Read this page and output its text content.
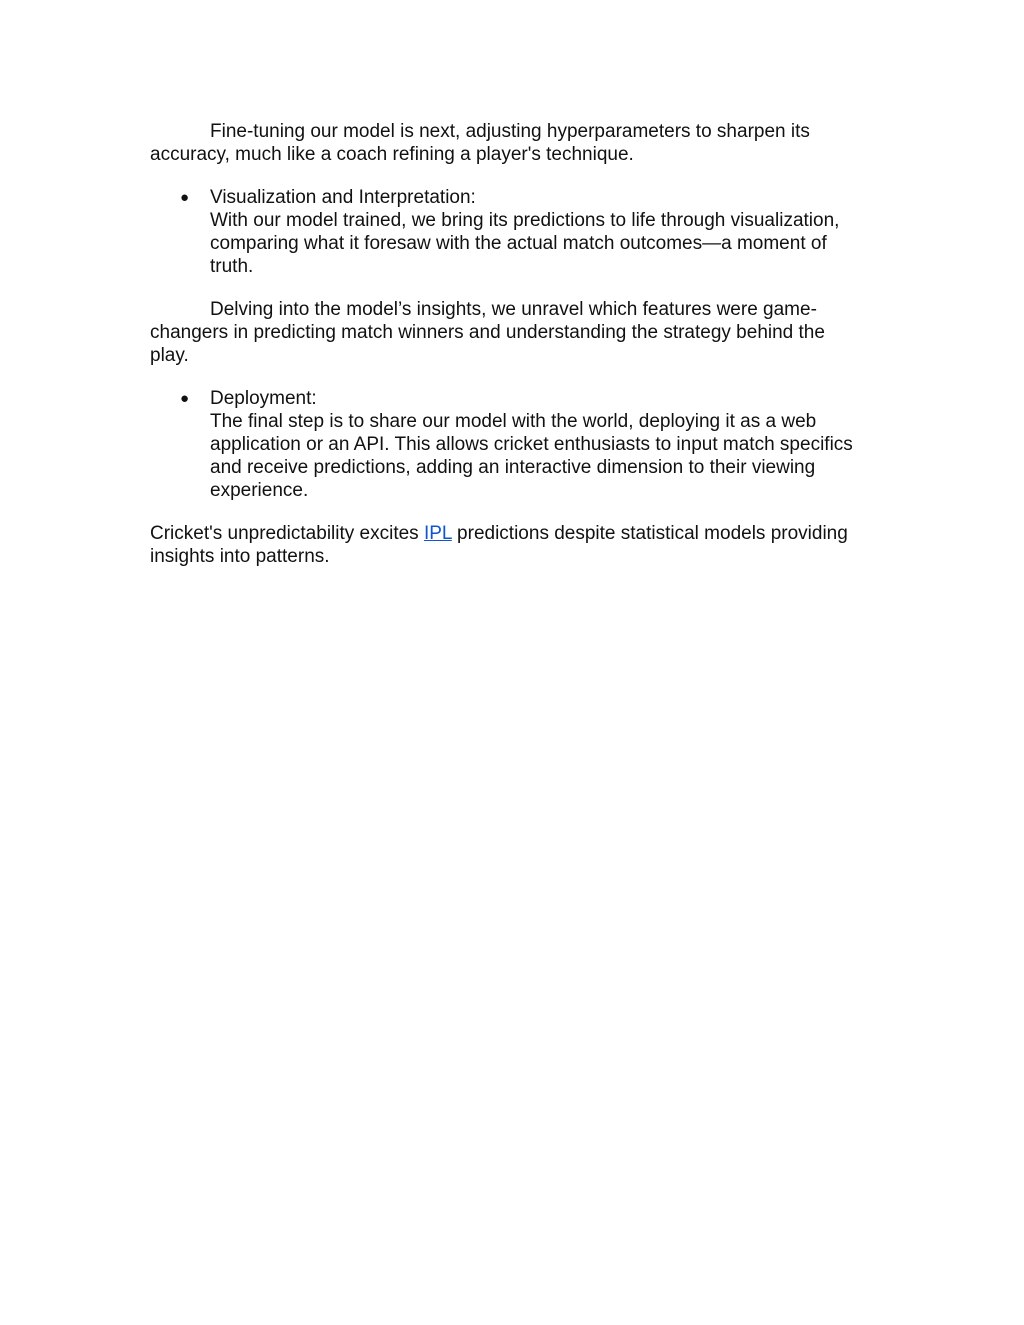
Fine-tuning our model is next, adjusting hyperparameters to sharpen its accuracy, much like a coach refining a player's technique.

● Visualization and Interpretation:
With our model trained, we bring its predictions to life through visualization, comparing what it foresaw with the actual match outcomes—a moment of truth.

Delving into the model’s insights, we unravel which features were game-changers in predicting match winners and understanding the strategy behind the play.

● Deployment:
The final step is to share our model with the world, deploying it as a web application or an API. This allows cricket enthusiasts to input match specifics and receive predictions, adding an interactive dimension to their viewing experience.

Cricket's unpredictability excites IPL predictions despite statistical models providing insights into patterns.
